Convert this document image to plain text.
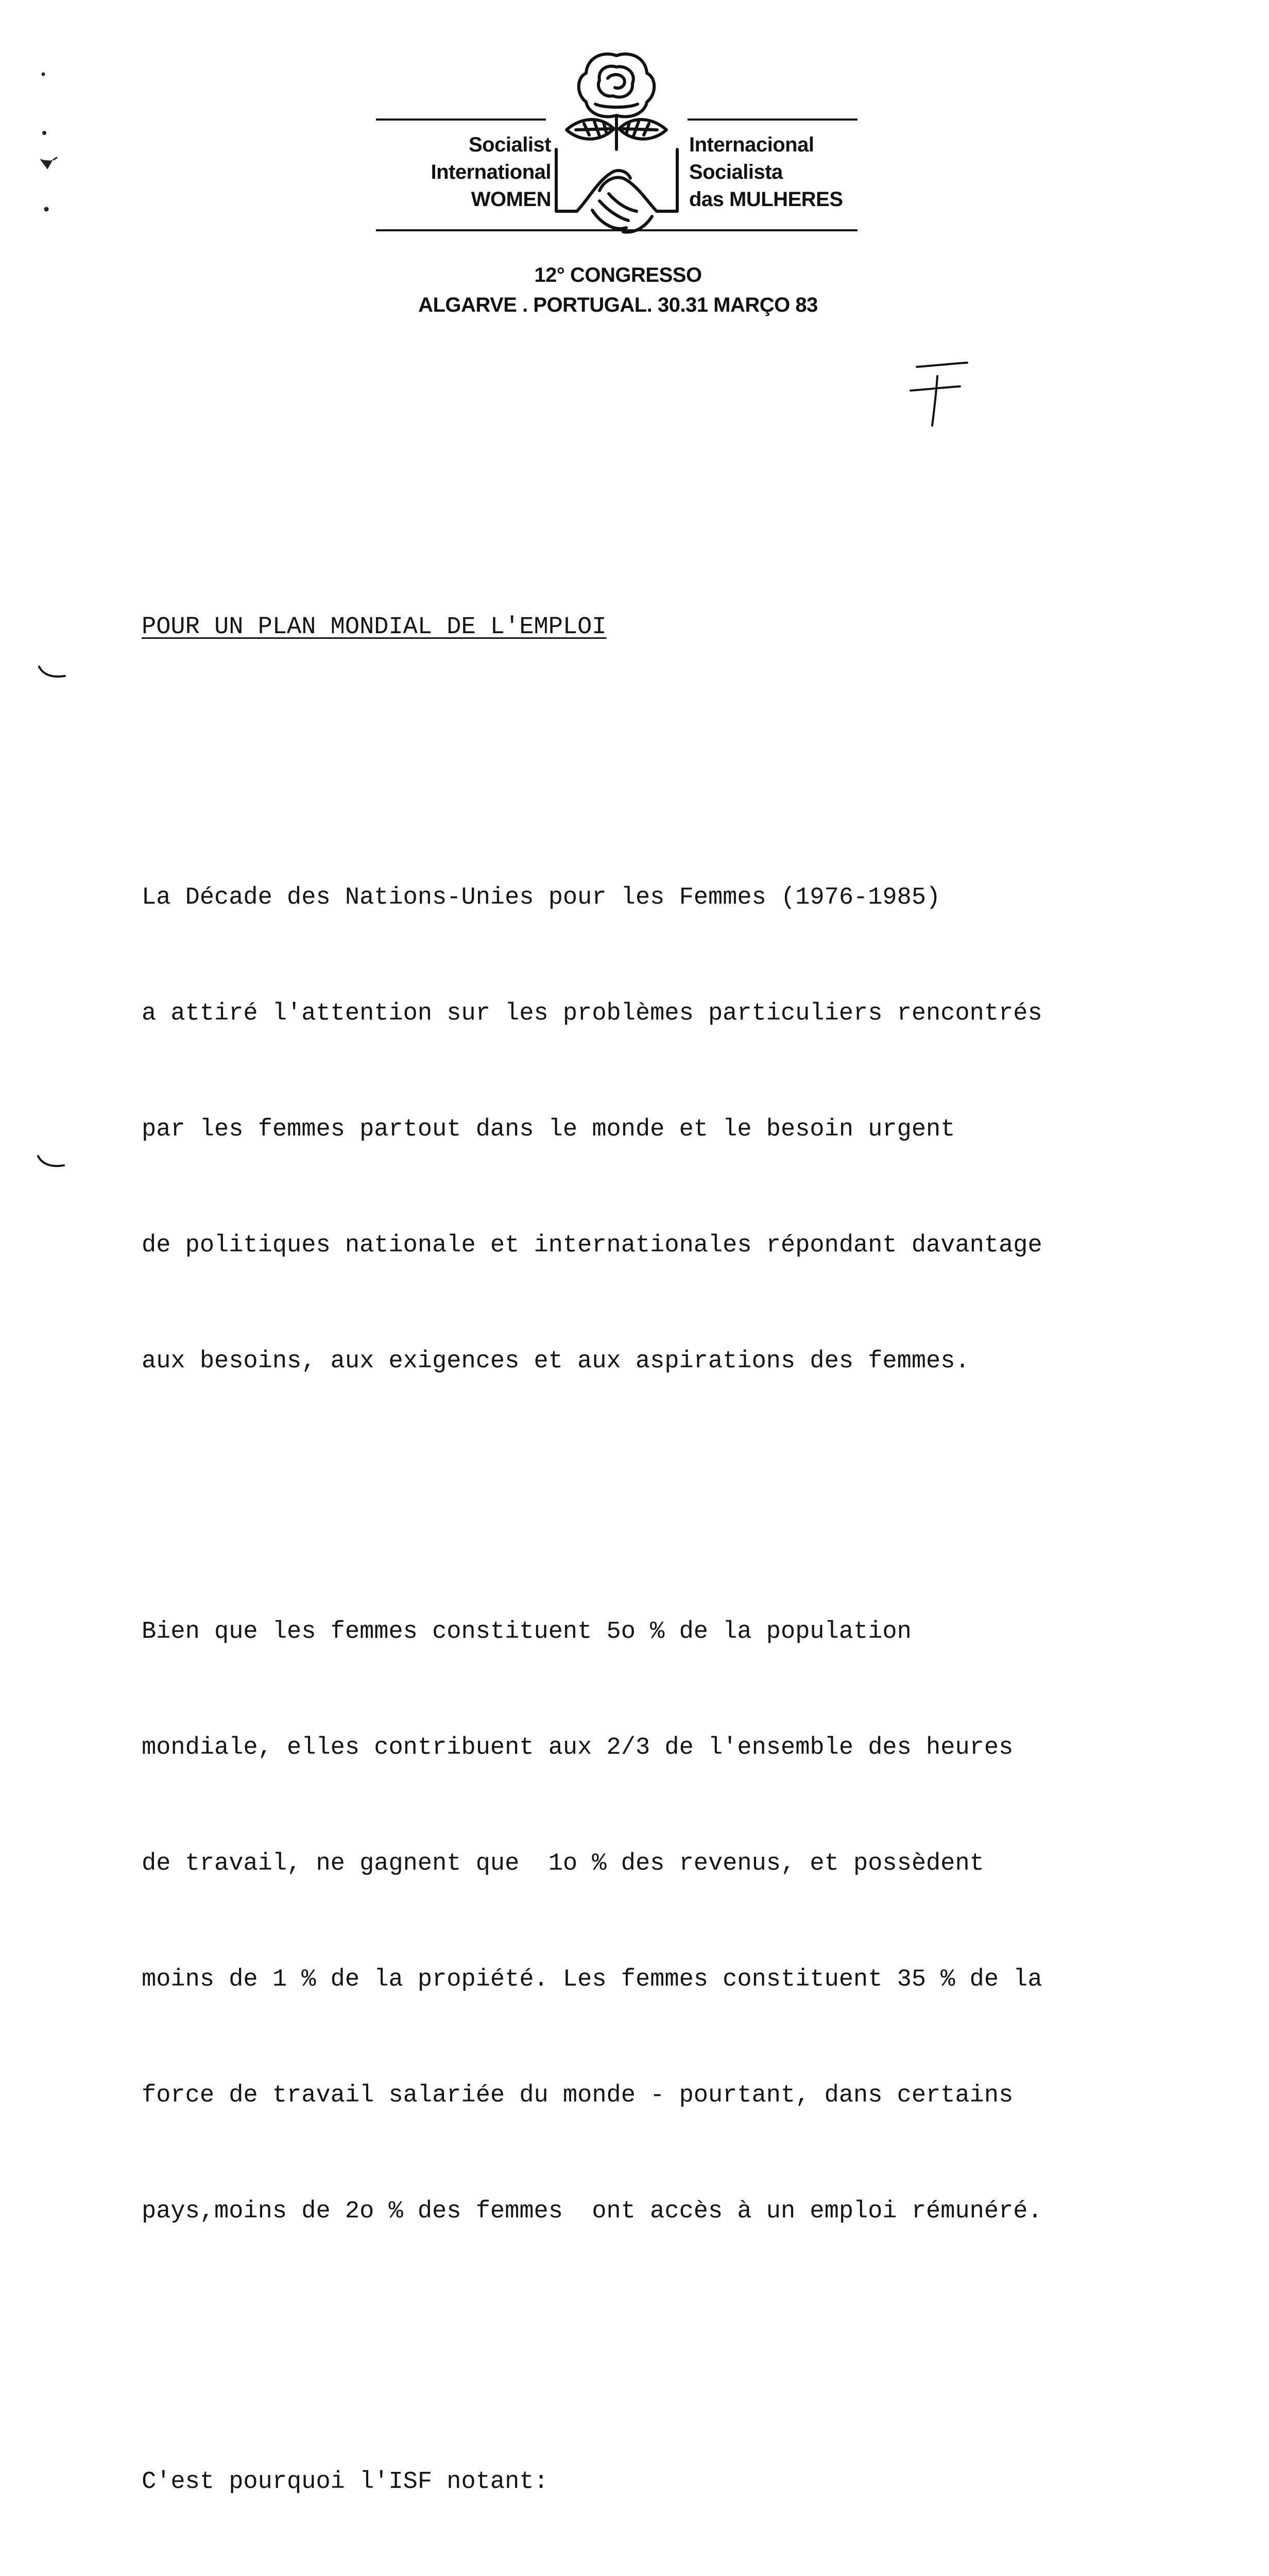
Socialist
International
WOMEN
Internacional
Socialista
das MULHERES
12° CONGRESSO
ALGARVE . PORTUGAL. 30.31 MARÇO 83

POUR UN PLAN MONDIAL DE L'EMPLOI

La Décade des Nations-Unies pour les Femmes (1976-1985)

a attiré l'attention sur les problèmes particuliers rencontrés

par les femmes partout dans le monde et le besoin urgent

de politiques nationale et internationales répondant davantage

aux besoins, aux exigences et aux aspirations des femmes.

Bien que les femmes constituent 5o % de la population

mondiale, elles contribuent aux 2/3 de l'ensemble des heures

de travail, ne gagnent que  1o % des revenus, et possèdent

moins de 1 % de la propiété. Les femmes constituent 35 % de la

force de travail salariée du monde - pourtant, dans certains

pays,moins de 2o % des femmes  ont accès à un emploi rémunéré.

C'est pourquoi l'ISF notant:
